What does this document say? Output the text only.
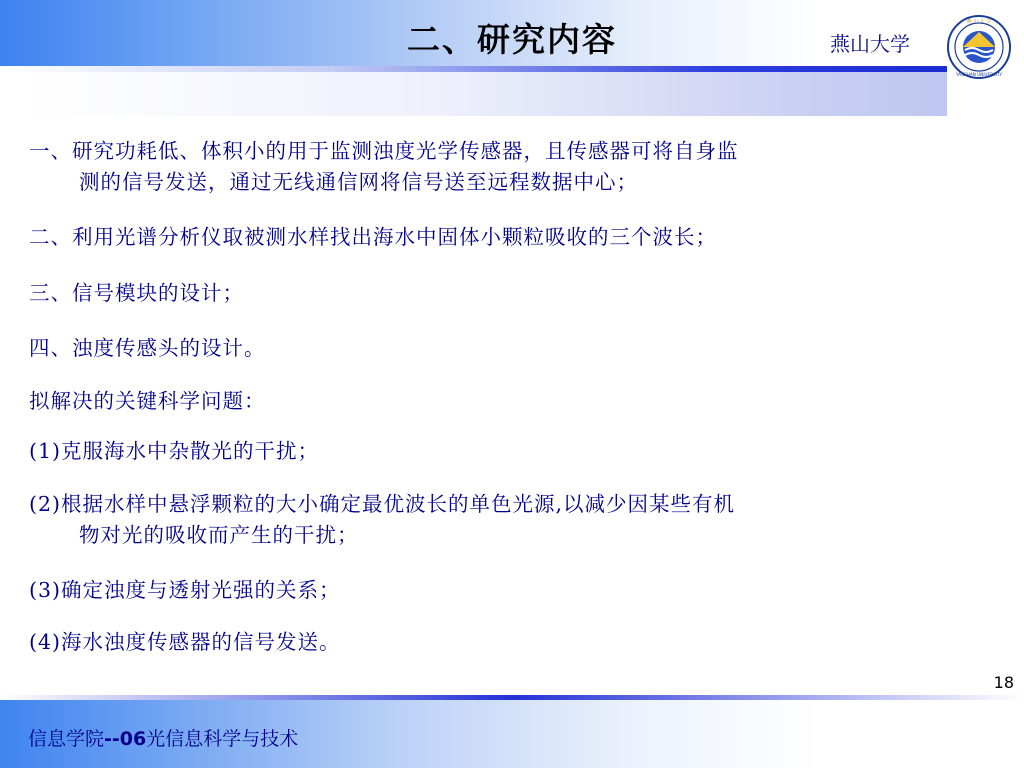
二、研究内容	燕山大学
燕 山 大 学
YANSHAN UNIVERSITY
一、研究功耗低、体积小的用于监测浊度光学传感器，且传感器可将自身监
测的信号发送，通过无线通信网将信号送至远程数据中心；
二、利用光谱分析仪取被测水样找出海水中固体小颗粒吸收的三个波长；
三、信号模块的设计；
四、浊度传感头的设计。
拟解决的关键科学问题：
(1)克服海水中杂散光的干扰；
(2)根据水样中悬浮颗粒的大小确定最优波长的单色光源,以减少因某些有机
物对光的吸收而产生的干扰；
(3)确定浊度与透射光强的关系；
(4)海水浊度传感器的信号发送。
18
信息学院--06光信息科学与技术
